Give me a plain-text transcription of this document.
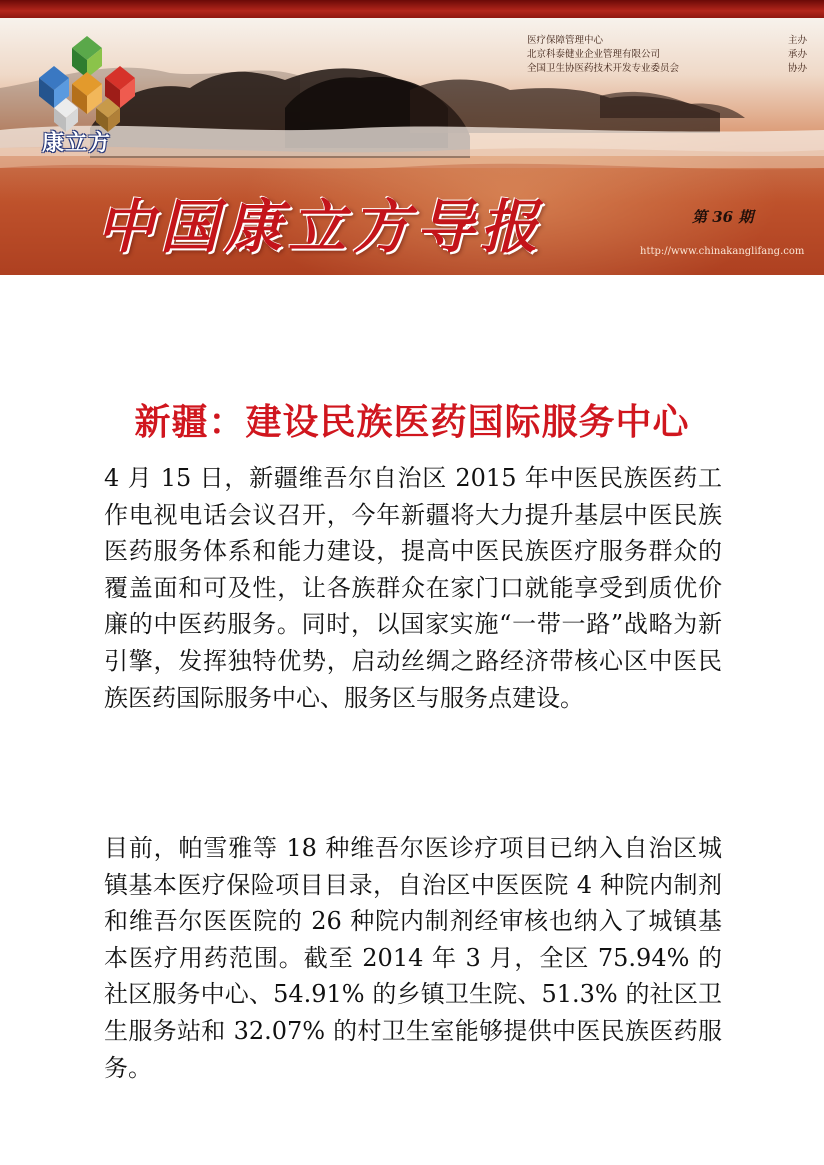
康立方
医疗保障管理中心	主办
北京科泰健业企业管理有限公司	承办
全国卫生协医药技术开发专业委员会	协办
中国康立方导报	第 36 期
http://www.chinakanglifang.com
新疆：建设民族医药国际服务中心

4 月 15 日，新疆维吾尔自治区 2015 年中医民族医药工作电视电话会议召开，今年新疆将大力提升基层中医民族医药服务体系和能力建设，提高中医民族医疗服务群众的覆盖面和可及性，让各族群众在家门口就能享受到质优价廉的中医药服务。同时，以国家实施“一带一路”战略为新引擎，发挥独特优势，启动丝绸之路经济带核心区中医民族医药国际服务中心、服务区与服务点建设。

目前，帕雪雅等 18 种维吾尔医诊疗项目已纳入自治区城镇基本医疗保险项目目录，自治区中医医院 4 种院内制剂和维吾尔医医院的 26 种院内制剂经审核也纳入了城镇基本医疗用药范围。截至 2014 年 3 月，全区 75.94% 的社区服务中心、54.91% 的乡镇卫生院、51.3% 的社区卫生服务站和 32.07% 的村卫生室能够提供中医民族医药服务。
